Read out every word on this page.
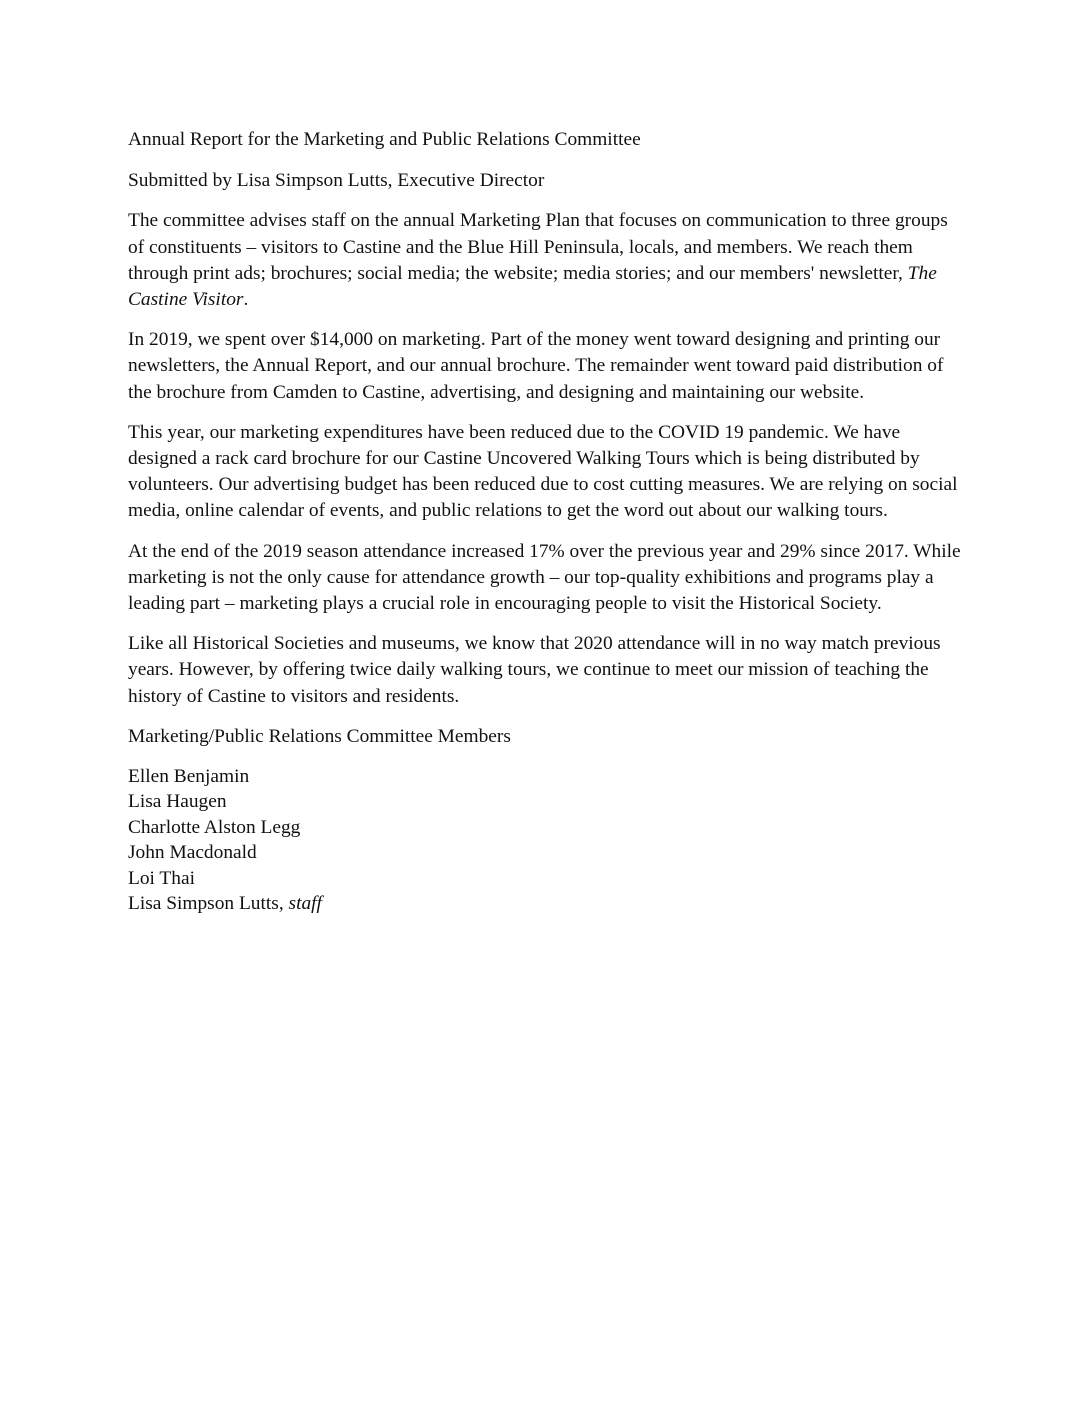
Annual Report for the Marketing and Public Relations Committee

Submitted by Lisa Simpson Lutts, Executive Director

The committee advises staff on the annual Marketing Plan that focuses on communication to three groups of constituents – visitors to Castine and the Blue Hill Peninsula, locals, and members. We reach them through print ads; brochures; social media; the website; media stories; and our members' newsletter, The Castine Visitor.

In 2019, we spent over $14,000 on marketing. Part of the money went toward designing and printing our newsletters, the Annual Report, and our annual brochure. The remainder went toward paid distribution of the brochure from Camden to Castine, advertising, and designing and maintaining our website.

This year, our marketing expenditures have been reduced due to the COVID 19 pandemic. We have designed a rack card brochure for our Castine Uncovered Walking Tours which is being distributed by volunteers. Our advertising budget has been reduced due to cost cutting measures. We are relying on social media, online calendar of events, and public relations to get the word out about our walking tours.

At the end of the 2019 season attendance increased 17% over the previous year and 29% since 2017. While marketing is not the only cause for attendance growth – our top-quality exhibitions and programs play a leading part – marketing plays a crucial role in encouraging people to visit the Historical Society.

Like all Historical Societies and museums, we know that 2020 attendance will in no way match previous years. However, by offering twice daily walking tours, we continue to meet our mission of teaching the history of Castine to visitors and residents.

Marketing/Public Relations Committee Members

Ellen Benjamin
Lisa Haugen
Charlotte Alston Legg
John Macdonald
Loi Thai
Lisa Simpson Lutts, staff
